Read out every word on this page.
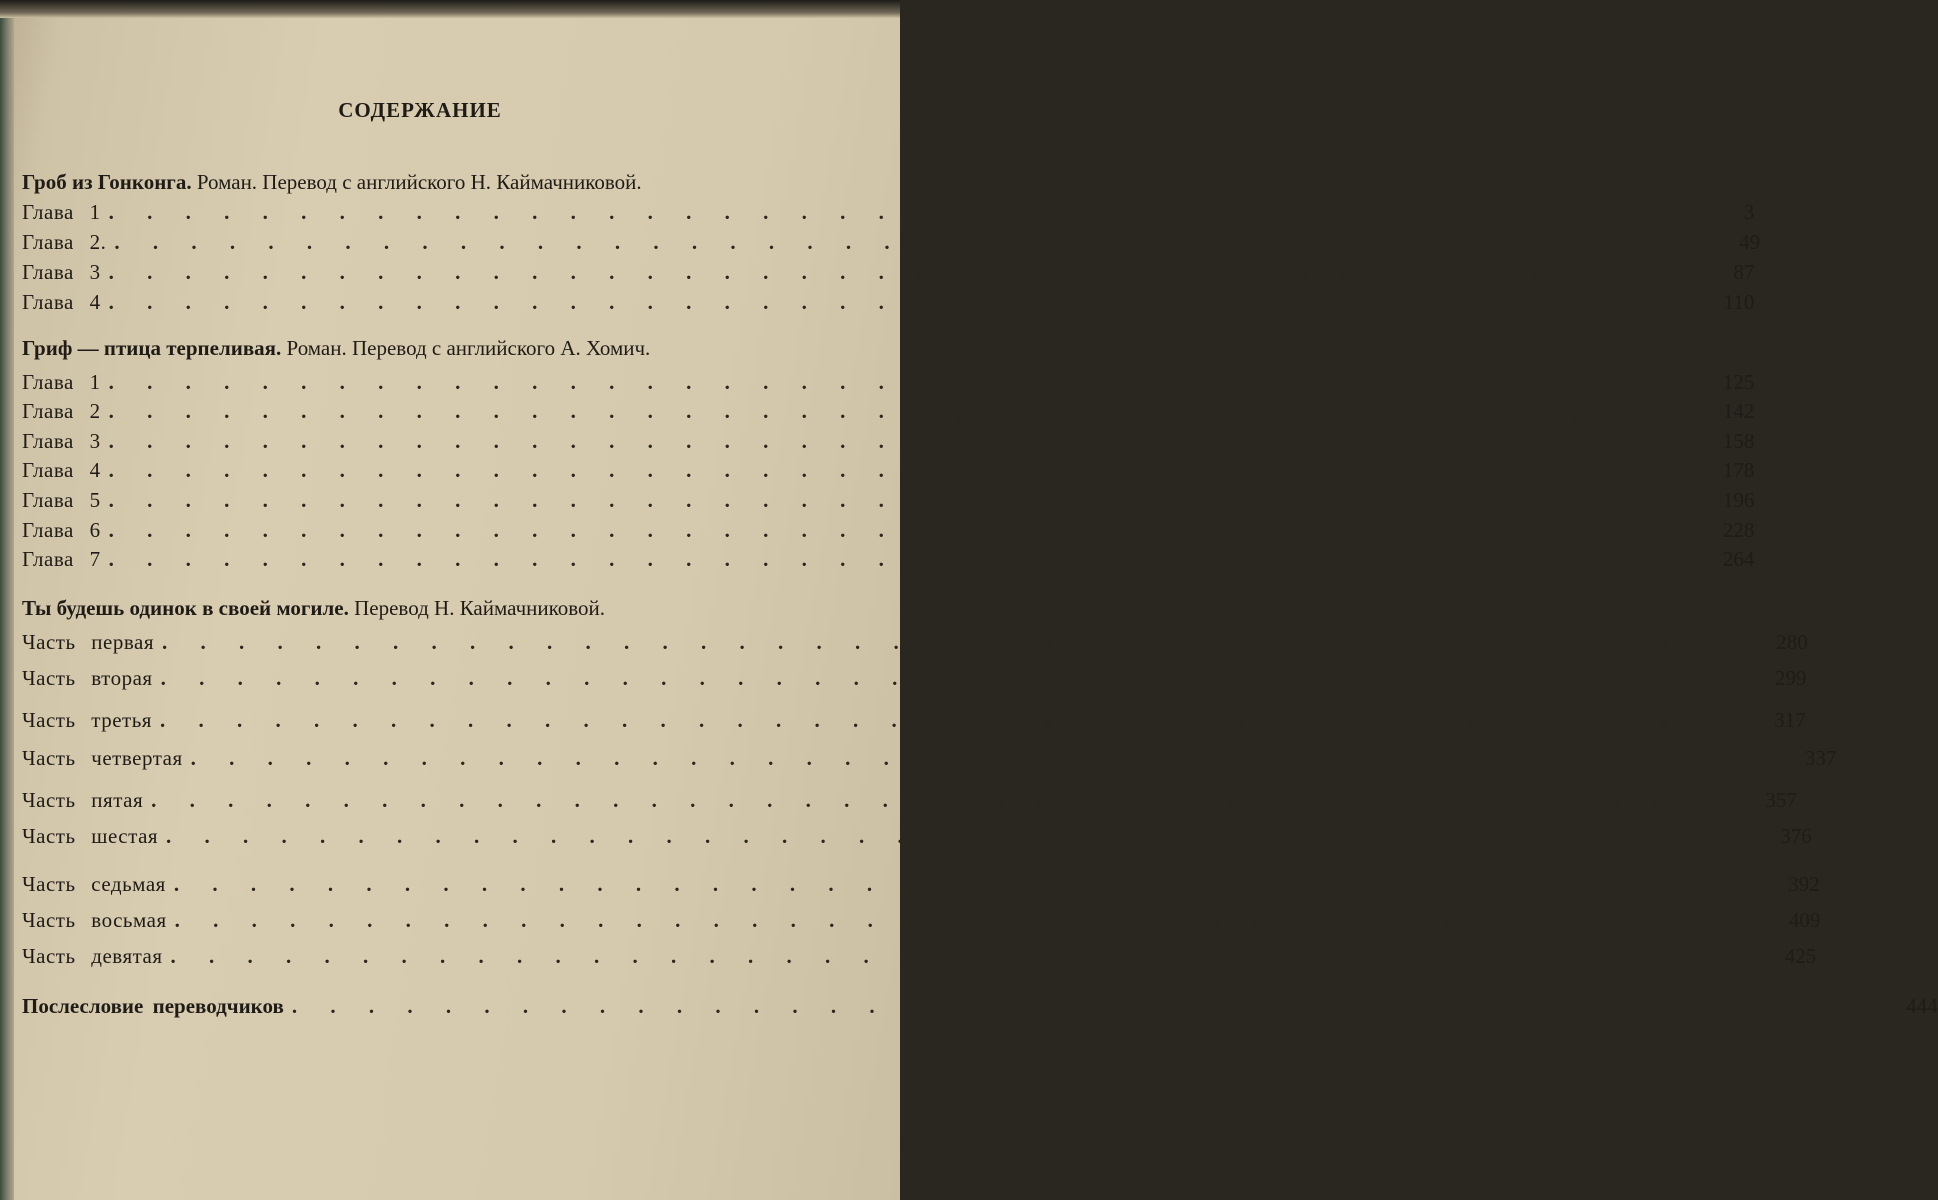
СОДЕРЖАНИЕ
Гроб из Гонконга. Роман. Перевод с английского Н. Каймачниковой.
Глава 1 . . . . . . . . . . . . . . . . . . . . . . . . . . . . . . . . . . . . . . . . . .	3
Глава 2. . . . . . . . . . . . . . . . . . . . . . . . . . . . . . . . . . . . . . . . . . .	49
Глава 3 . . . . . . . . . . . . . . . . . . . . . . . . . . . . . . . . . . . . . . . . . .	87
Глава 4 . . . . . . . . . . . . . . . . . . . . . . . . . . . . . . . . . . . . . . . . . . 110
Гриф — птица терпеливая. Роман. Перевод с английского А. Хомич.
Глава 1 . . . . . . . . . . . . . . . . . . . . . . . . . . . . . . . . . . . . . . . . . . 125
Глава 2 . . . . . . . . . . . . . . . . . . . . . . . . . . . . . . . . . . . . . . . . . . 142
Глава 3 . . . . . . . . . . . . . . . . . . . . . . . . . . . . . . . . . . . . . . . . . . 158
Глава 4 . . . . . . . . . . . . . . . . . . . . . . . . . . . . . . . . . . . . . . . . . . 178
Глава 5 . . . . . . . . . . . . . . . . . . . . . . . . . . . . . . . . . . . . . . . . . . 196
Глава 6 . . . . . . . . . . . . . . . . . . . . . . . . . . . . . . . . . . . . . . . . . . 228
Глава 7 . . . . . . . . . . . . . . . . . . . . . . . . . . . . . . . . . . . . . . . . . . 264
Ты будешь одинок в своей могиле. Перевод Н. Каймачниковой.
Часть первая . . . . . . . . . . . . . . . . . . . . . . . . . . . . . . . . . . . . . . . . . . 280
Часть вторая . . . . . . . . . . . . . . . . . . . . . . . . . . . . . . . . . . . . . . . . . . 299
Часть третья . . . . . . . . . . . . . . . . . . . . . . . . . . . . . . . . . . . . . . . . . . 317
Часть четвертая . . . . . . . . . . . . . . . . . . . . . . . . . . . . . . . . . . . . . . . . . . 337
Часть пятая . . . . . . . . . . . . . . . . . . . . . . . . . . . . . . . . . . . . . . . . . . 357
Часть шестая . . . . . . . . . . . . . . . . . . . . . . . . . . . . . . . . . . . . . . . . . . 376
Часть седьмая . . . . . . . . . . . . . . . . . . . . . . . . . . . . . . . . . . . . . . . . . . 392
Часть восьмая . . . . . . . . . . . . . . . . . . . . . . . . . . . . . . . . . . . . . . . . . . 409
Часть девятая . . . . . . . . . . . . . . . . . . . . . . . . . . . . . . . . . . . . . . . . . . 425
Послесловие переводчиков . . . . . . . . . . . . . . . . . . . . . . . . . . . . . . . . . . . . . . . . . . 444
